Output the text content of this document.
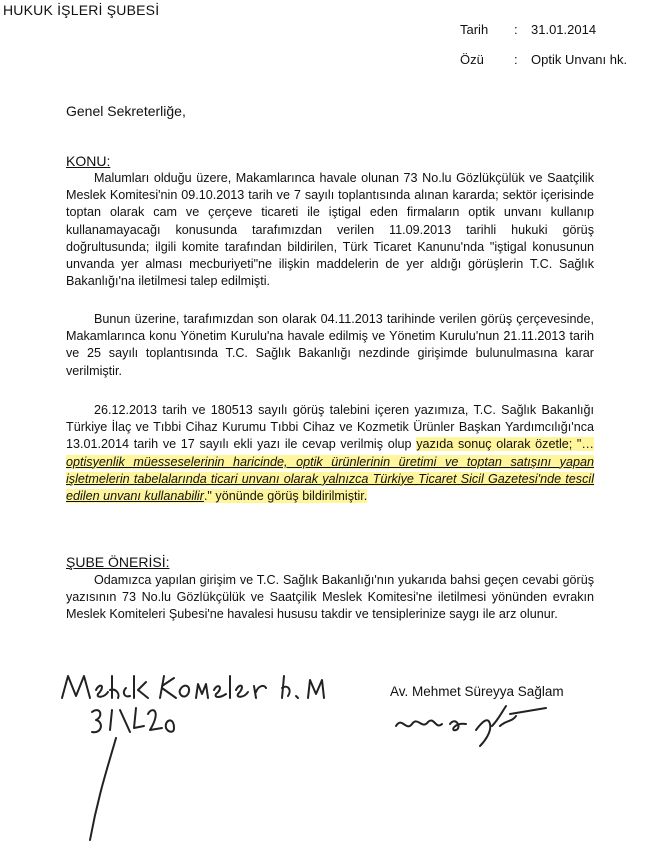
HUKUK İŞLERİ ŞUBESİ
Tarih : 31.01.2014
Özü : Optik Unvanı hk.
Genel Sekreterliğe,
KONU:
Malumları olduğu üzere, Makamlarınca havale olunan 73 No.lu Gözlükçülük ve Saatçilik Meslek Komitesi'nin 09.10.2013 tarih ve 7 sayılı toplantısında alınan kararda; sektör içerisinde toptan olarak cam ve çerçeve ticareti ile iştigal eden firmaların optik unvanı kullanıp kullanamayacağı konusunda tarafımızdan verilen 11.09.2013 tarihli hukuki görüş doğrultusunda; ilgili komite tarafından bildirilen, Türk Ticaret Kanunu'nda "iştigal konusunun unvanda yer alması mecburiyeti"ne ilişkin maddelerin de yer aldığı görüşlerin T.C. Sağlık Bakanlığı'na iletilmesi talep edilmişti.
Bunun üzerine, tarafımızdan son olarak 04.11.2013 tarihinde verilen görüş çerçevesinde, Makamlarınca konu Yönetim Kurulu'na havale edilmiş ve Yönetim Kurulu'nun 21.11.2013 tarih ve 25 sayılı toplantısında T.C. Sağlık Bakanlığı nezdinde girişimde bulunulmasına karar verilmiştir.
26.12.2013 tarih ve 180513 sayılı görüş talebini içeren yazımıza, T.C. Sağlık Bakanlığı Türkiye İlaç ve Tıbbi Cihaz Kurumu Tıbbi Cihaz ve Kozmetik Ürünler Başkan Yardımcılığı'nca 13.01.2014 tarih ve 17 sayılı ekli yazı ile cevap verilmiş olup yazıda sonuç olarak özetle; "…optisyenlik müesseselerinin haricinde, optik ürünlerinin üretimi ve toptan satışını yapan işletmelerin tabelalarında ticari unvanı olarak yalnızca Türkiye Ticaret Sicil Gazetesi'nde tescil edilen unvanı kullanabilir." yönünde görüş bildirilmiştir.
ŞUBE ÖNERİSİ:
Odamızca yapılan girişim ve T.C. Sağlık Bakanlığı'nın yukarıda bahsi geçen cevabi görüş yazısının 73 No.lu Gözlükçülük ve Saatçilik Meslek Komitesi'ne iletilmesi yönünden evrakın Meslek Komiteleri Şubesi'ne havalesi hususu takdir ve tensiplerinize saygı ile arz olunur.
Av. Mehmet Süreyya Sağlam
